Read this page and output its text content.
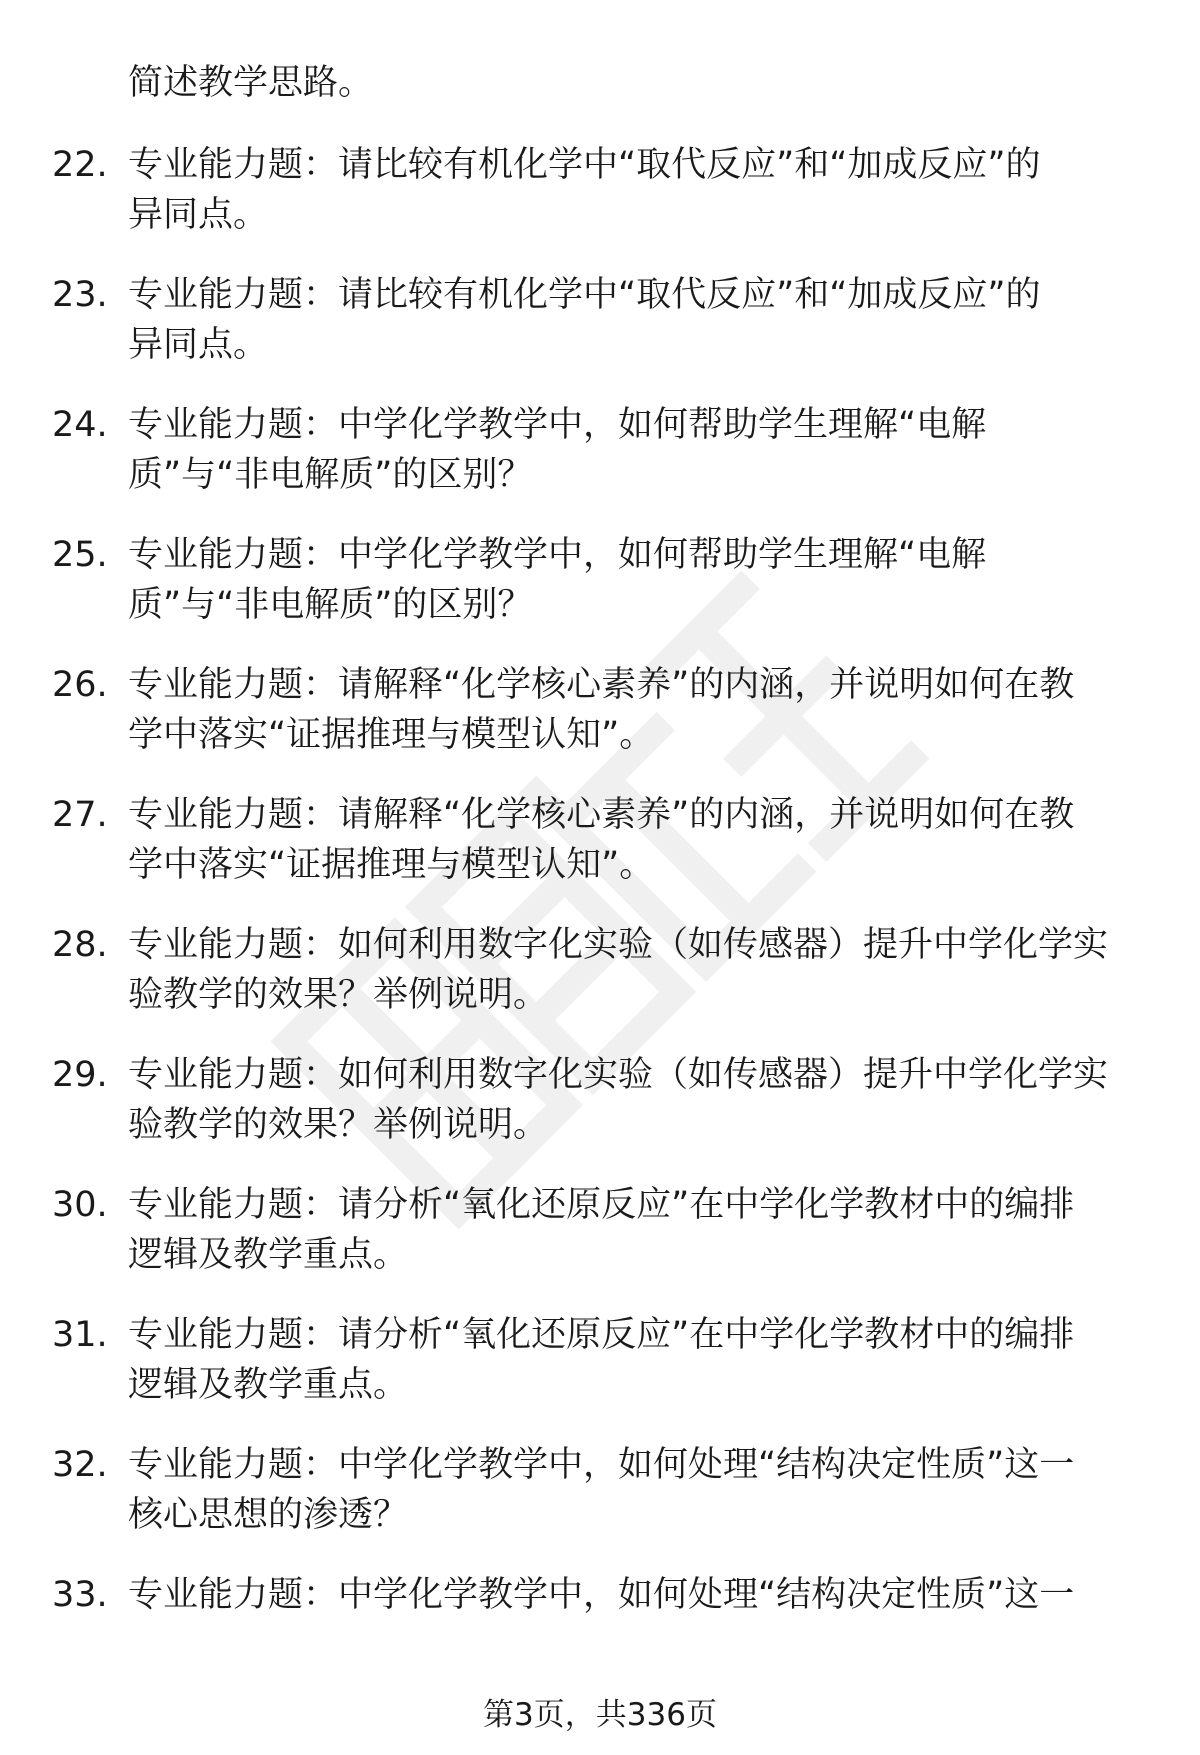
简述教学思路。

22. 专业能力题：请比较有机化学中“取代反应”和“加成反应”的
异同点。
23. 专业能力题：请比较有机化学中“取代反应”和“加成反应”的
异同点。
24. 专业能力题：中学化学教学中，如何帮助学生理解“电解
质”与“非电解质”的区别？
25. 专业能力题：中学化学教学中，如何帮助学生理解“电解
质”与“非电解质”的区别？
26. 专业能力题：请解释“化学核心素养”的内涵，并说明如何在教
学中落实“证据推理与模型认知”。
27. 专业能力题：请解释“化学核心素养”的内涵，并说明如何在教
学中落实“证据推理与模型认知”。
28. 专业能力题：如何利用数字化实验（如传感器）提升中学化学实
验教学的效果？举例说明。
29. 专业能力题：如何利用数字化实验（如传感器）提升中学化学实
验教学的效果？举例说明。
30. 专业能力题：请分析“氧化还原反应”在中学化学教材中的编排
逻辑及教学重点。
31. 专业能力题：请分析“氧化还原反应”在中学化学教材中的编排
逻辑及教学重点。
32. 专业能力题：中学化学教学中，如何处理“结构决定性质”这一
核心思想的渗透？
33. 专业能力题：中学化学教学中，如何处理“结构决定性质”这一

第3页，共336页
